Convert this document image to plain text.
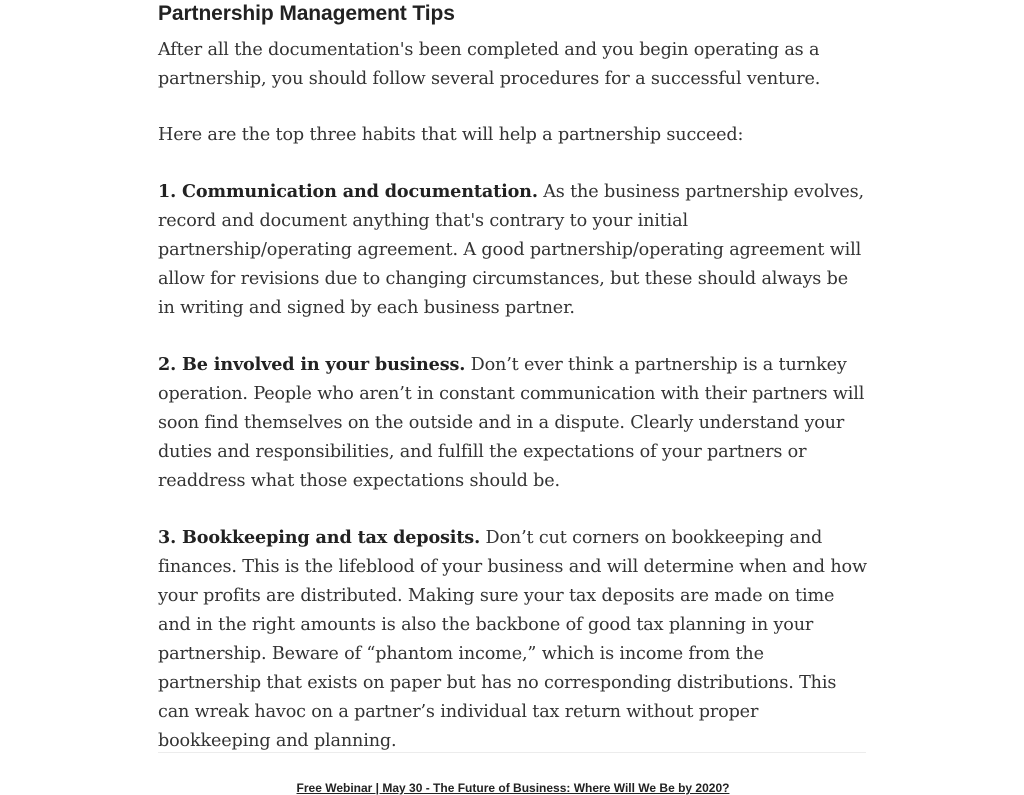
Partnership Management Tips

After all the documentation's been completed and you begin operating as a partnership, you should follow several procedures for a successful venture.

Here are the top three habits that will help a partnership succeed:

1. Communication and documentation. As the business partnership evolves, record and document anything that's contrary to your initial partnership/operating agreement. A good partnership/operating agreement will allow for revisions due to changing circumstances, but these should always be in writing and signed by each business partner.

2. Be involved in your business. Don’t ever think a partnership is a turnkey operation. People who aren’t in constant communication with their partners will soon find themselves on the outside and in a dispute. Clearly understand your duties and responsibilities, and fulfill the expectations of your partners or readdress what those expectations should be.

3. Bookkeeping and tax deposits. Don’t cut corners on bookkeeping and finances. This is the lifeblood of your business and will determine when and how your profits are distributed. Making sure your tax deposits are made on time and in the right amounts is also the backbone of good tax planning in your partnership. Beware of “phantom income,” which is income from the partnership that exists on paper but has no corresponding distributions. This can wreak havoc on a partner’s individual tax return without proper bookkeeping and planning.

Free Webinar | May 30 - The Future of Business: Where Will We Be by 2020?
